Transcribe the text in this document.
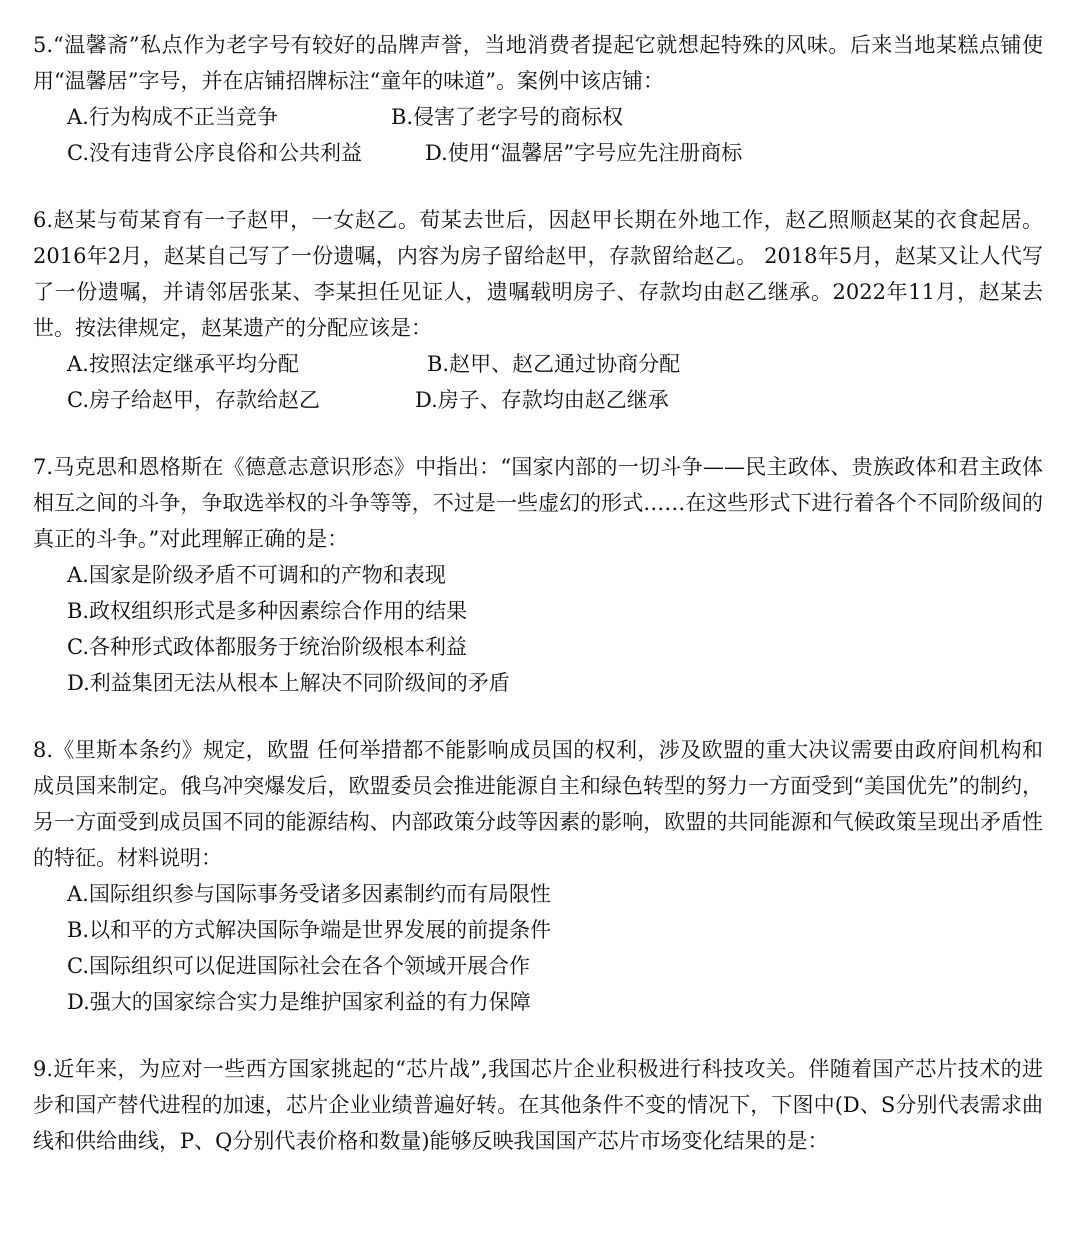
5.“温馨斋”私点作为老字号有较好的品牌声誉，当地消费者提起它就想起特殊的风味。后来当地某糕点铺使用“温馨居”字号，并在店铺招牌标注“童年的味道”。案例中该店铺：

A.行为构成不正当竞争	B.侵害了老字号的商标权
C.没有违背公序良俗和公共利益	D.使用“温馨居”字号应先注册商标

6.赵某与荀某育有一子赵甲，一女赵乙。荀某去世后，因赵甲长期在外地工作，赵乙照顺赵某的衣食起居。2016年2月，赵某自己写了一份遗嘱，内容为房子留给赵甲，存款留给赵乙。 2018年5月，赵某又让人代写了一份遗嘱，并请邻居张某、李某担任见证人，遗嘱载明房子、存款均由赵乙继承。2022年11月，赵某去世。按法律规定，赵某遗产的分配应该是：

A.按照法定继承平均分配	B.赵甲、赵乙通过协商分配
C.房子给赵甲，存款给赵乙	D.房子、存款均由赵乙继承

7.马克思和恩格斯在《德意志意识形态》中指出：“国家内部的一切斗争——民主政体、贵族政体和君主政体相互之间的斗争，争取选举权的斗争等等，不过是一些虚幻的形式……在这些形式下进行着各个不同阶级间的真正的斗争。”对此理解正确的是：

A.国家是阶级矛盾不可调和的产物和表现
B.政权组织形式是多种因素综合作用的结果
C.各种形式政体都服务于统治阶级根本利益
D.利益集团无法从根本上解决不同阶级间的矛盾

8.《里斯本条约》规定，欧盟 任何举措都不能影响成员国的权利，涉及欧盟的重大决议需要由政府间机构和成员国来制定。俄乌冲突爆发后，欧盟委员会推进能源自主和绿色转型的努力一方面受到“美国优先”的制约，另一方面受到成员国不同的能源结构、内部政策分歧等因素的影响，欧盟的共同能源和气候政策呈现出矛盾性的特征。材料说明：

A.国际组织参与国际事务受诸多因素制约而有局限性
B.以和平的方式解决国际争端是世界发展的前提条件
C.国际组织可以促进国际社会在各个领域开展合作
D.强大的国家综合实力是维护国家利益的有力保障

9.近年来，为应对一些西方国家挑起的“芯片战”,我国芯片企业积极进行科技攻关。伴随着国产芯片技术的进步和国产替代进程的加速，芯片企业业绩普遍好转。在其他条件不变的情况下，下图中(D、S分别代表需求曲线和供给曲线，P、Q分别代表价格和数量)能够反映我国国产芯片市场变化结果的是：
